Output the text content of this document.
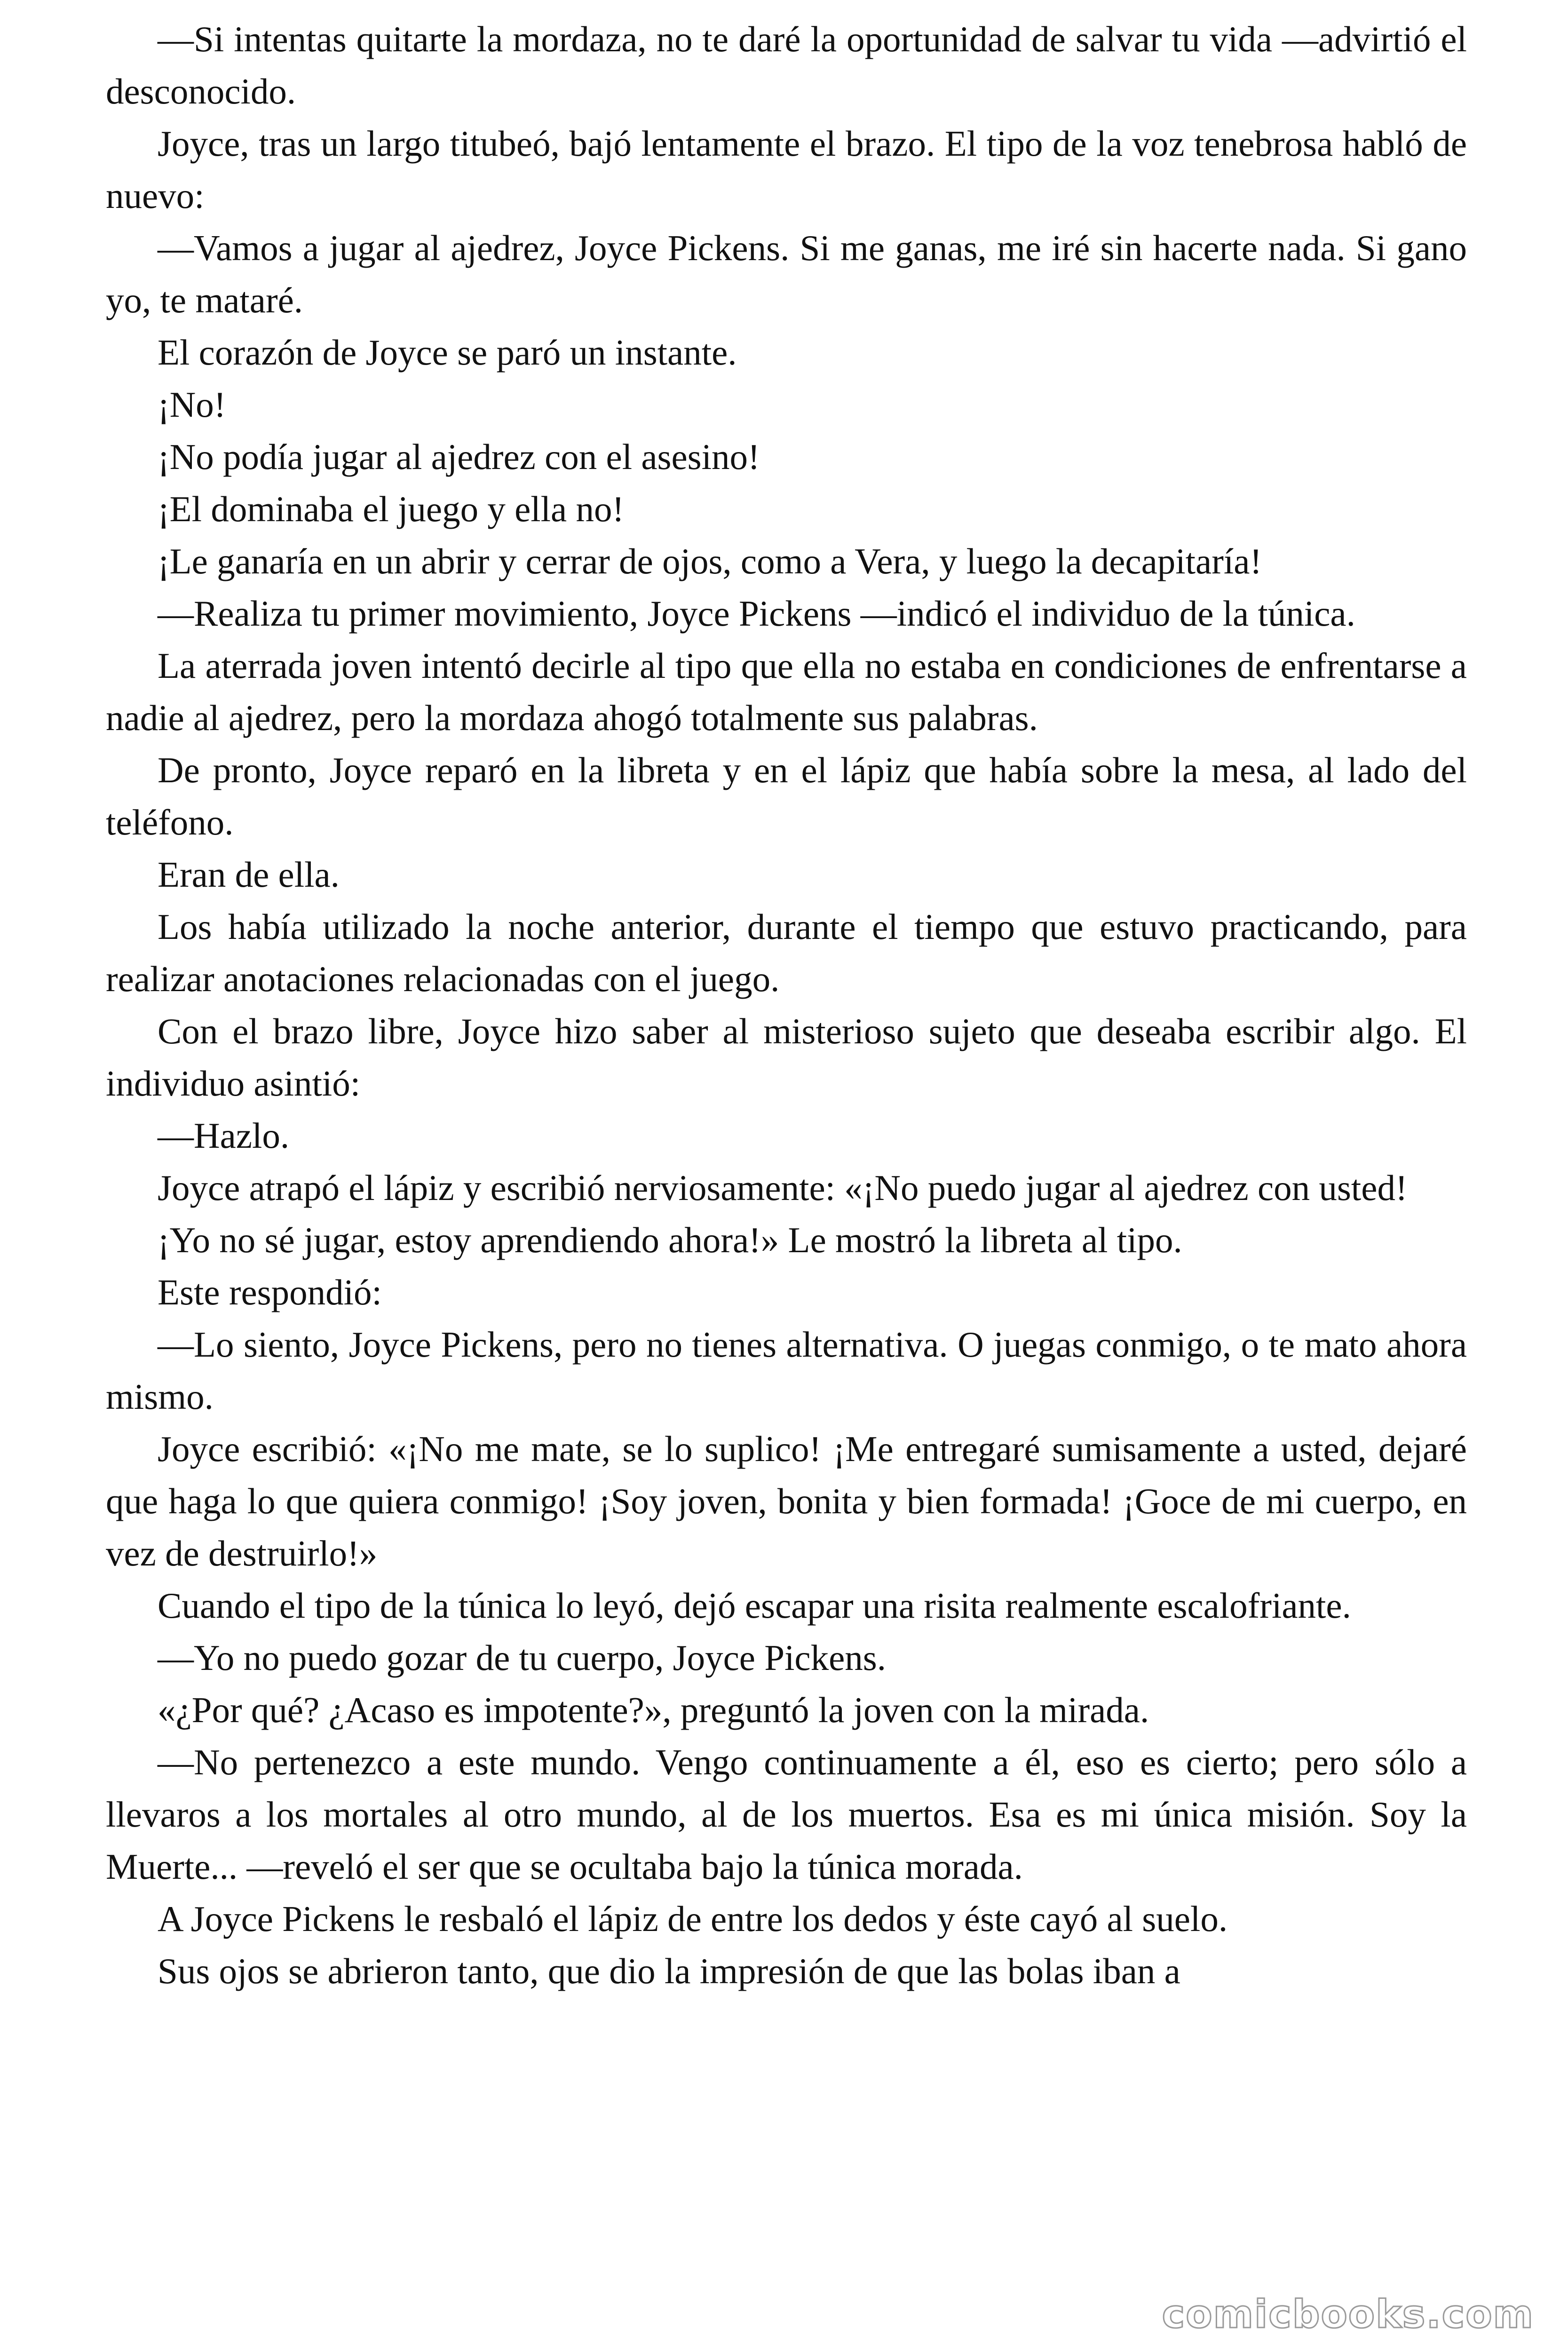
—Si intentas quitarte la mordaza, no te daré la oportunidad de salvar tu vida —advirtió el desconocido.

Joyce, tras un largo titubeó, bajó lentamente el brazo. El tipo de la voz tenebrosa habló de nuevo:

—Vamos a jugar al ajedrez, Joyce Pickens. Si me ganas, me iré sin hacerte nada. Si gano yo, te mataré.

El corazón de Joyce se paró un instante.

¡No!

¡No podía jugar al ajedrez con el asesino!

¡El dominaba el juego y ella no!

¡Le ganaría en un abrir y cerrar de ojos, como a Vera, y luego la decapitaría!

—Realiza tu primer movimiento, Joyce Pickens —indicó el individuo de la túnica.

La aterrada joven intentó decirle al tipo que ella no estaba en condiciones de enfrentarse a nadie al ajedrez, pero la mordaza ahogó totalmente sus palabras.

De pronto, Joyce reparó en la libreta y en el lápiz que había sobre la mesa, al lado del teléfono.

Eran de ella.

Los había utilizado la noche anterior, durante el tiempo que estuvo practicando, para realizar anotaciones relacionadas con el juego.

Con el brazo libre, Joyce hizo saber al misterioso sujeto que deseaba escribir algo. El individuo asintió:

—Hazlo.

Joyce atrapó el lápiz y escribió nerviosamente: «¡No puedo jugar al ajedrez con usted!

¡Yo no sé jugar, estoy aprendiendo ahora!» Le mostró la libreta al tipo.

Este respondió:

—Lo siento, Joyce Pickens, pero no tienes alternativa. O juegas conmigo, o te mato ahora mismo.

Joyce escribió: «¡No me mate, se lo suplico! ¡Me entregaré sumisamente a usted, dejaré que haga lo que quiera conmigo! ¡Soy joven, bonita y bien formada! ¡Goce de mi cuerpo, en vez de destruirlo!»

Cuando el tipo de la túnica lo leyó, dejó escapar una risita realmente escalofriante.

—Yo no puedo gozar de tu cuerpo, Joyce Pickens.

«¿Por qué? ¿Acaso es impotente?», preguntó la joven con la mirada.

—No pertenezco a este mundo. Vengo continuamente a él, eso es cierto; pero sólo a llevaros a los mortales al otro mundo, al de los muertos. Esa es mi única misión. Soy la Muerte... —reveló el ser que se ocultaba bajo la túnica morada.

A Joyce Pickens le resbaló el lápiz de entre los dedos y éste cayó al suelo.

Sus ojos se abrieron tanto, que dio la impresión de que las bolas iban a

comicbooks.com
